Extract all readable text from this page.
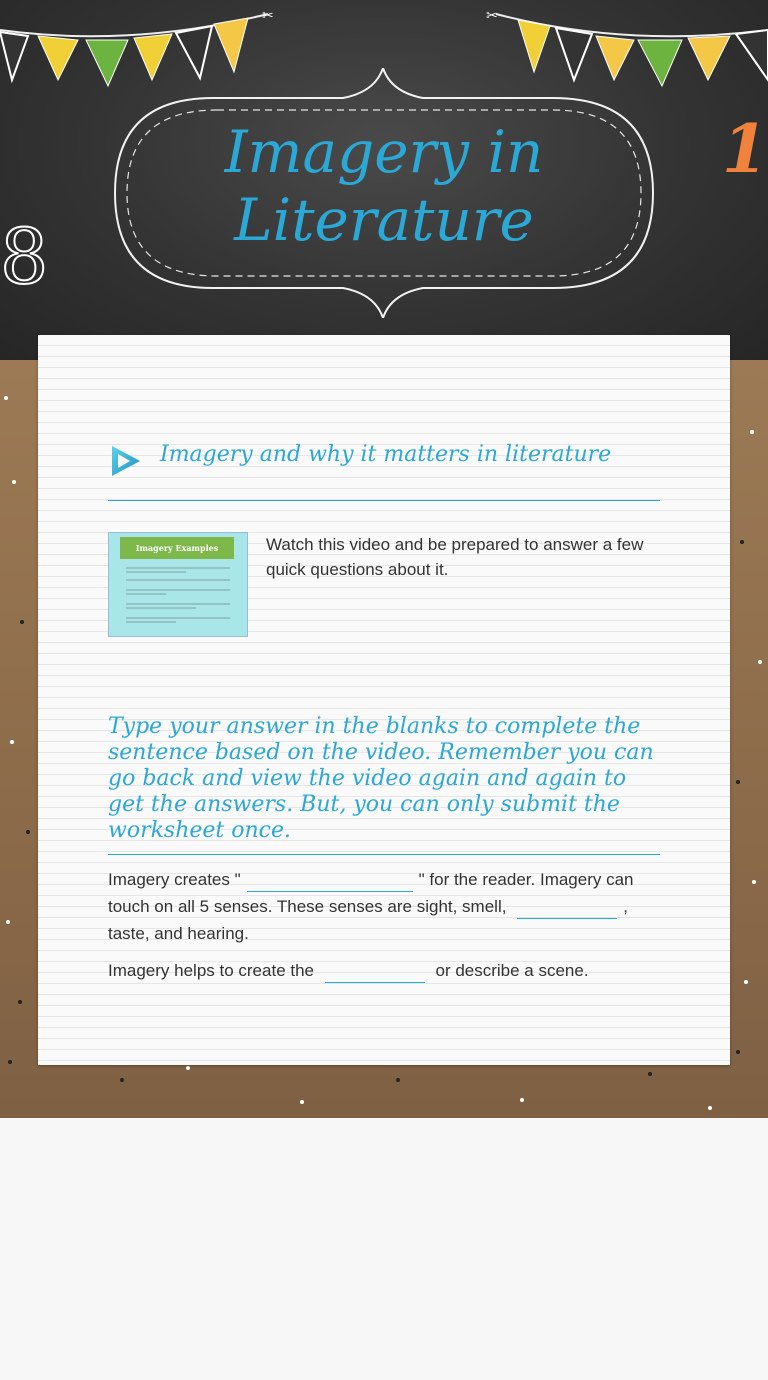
✂	✂
Imagery in
Literature
1
8
Imagery and why it matters in literature
Imagery Examples	Watch this video and be prepared to answer a few quick questions about it.
Type your answer in the blanks to complete the sentence based on the video. Remember you can go back and view the video again and again to get the answers. But, you can only submit the worksheet once.
Imagery creates "	" for the reader. Imagery can touch on all 5 senses. These senses are sight, smell,	, taste, and hearing.
Imagery helps to create the	or describe a scene.
